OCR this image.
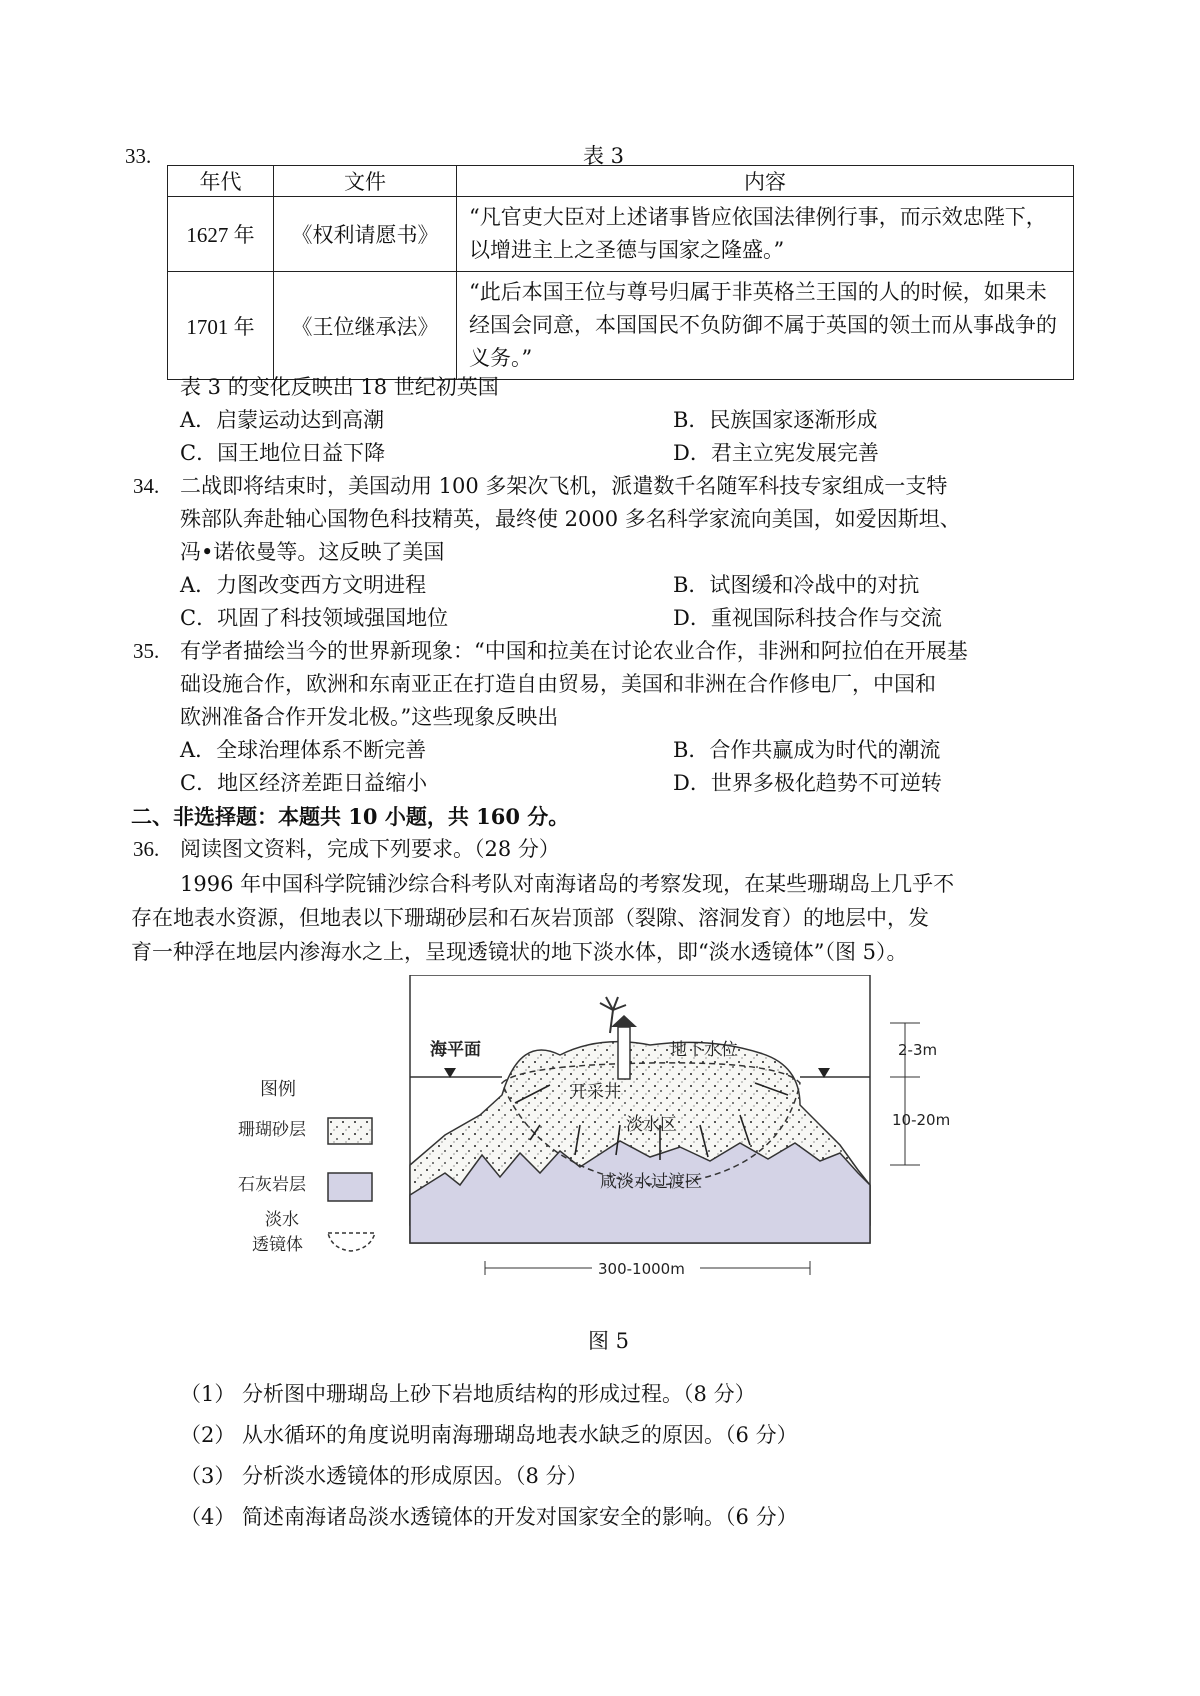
33.	表 3
年代	文件	内容
1627 年	《权利请愿书》	“凡官吏大臣对上述诸事皆应依国法律例行事，而示效忠陛下，以增进主上之圣德与国家之隆盛。”
1701 年	《王位继承法》	“此后本国王位与尊号归属于非英格兰王国的人的时候，如果未经国会同意，本国国民不负防御不属于英国的领土而从事战争的义务。”
表 3 的变化反映出 18 世纪初英国
A．启蒙运动达到高潮	B．民族国家逐渐形成
C．国王地位日益下降	D．君主立宪发展完善
34. 二战即将结束时，美国动用 100 多架次飞机，派遣数千名随军科技专家组成一支特
殊部队奔赴轴心国物色科技精英，最终使 2000 多名科学家流向美国，如爱因斯坦、
冯•诺依曼等。这反映了美国
A．力图改变西方文明进程	B．试图缓和冷战中的对抗
C．巩固了科技领域强国地位	D．重视国际科技合作与交流
35. 有学者描绘当今的世界新现象：“中国和拉美在讨论农业合作，非洲和阿拉伯在开展基
础设施合作，欧洲和东南亚正在打造自由贸易，美国和非洲在合作修电厂，中国和
欧洲准备合作开发北极。”这些现象反映出
A．全球治理体系不断完善	B．合作共赢成为时代的潮流
C．地区经济差距日益缩小	D．世界多极化趋势不可逆转
二、非选择题：本题共 10 小题，共 160 分。
36. 阅读图文资料，完成下列要求。（28 分）
1996 年中国科学院铺沙综合科考队对南海诸岛的考察发现，在某些珊瑚岛上几乎不
存在地表水资源，但地表以下珊瑚砂层和石灰岩顶部（裂隙、溶洞发育）的地层中，发
育一种浮在地层内渗海水之上，呈现透镜状的地下淡水体，即“淡水透镜体”（图 5）。
图例
珊瑚砂层
石灰岩层
淡水
透镜体
海平面	地下水位
开采井
淡水区
咸淡水过渡区
2-3m
10-20m
300-1000m
图 5
（1） 分析图中珊瑚岛上砂下岩地质结构的形成过程。（8 分）
（2） 从水循环的角度说明南海珊瑚岛地表水缺乏的原因。（6 分）
（3） 分析淡水透镜体的形成原因。（8 分）
（4） 简述南海诸岛淡水透镜体的开发对国家安全的影响。（6 分）
